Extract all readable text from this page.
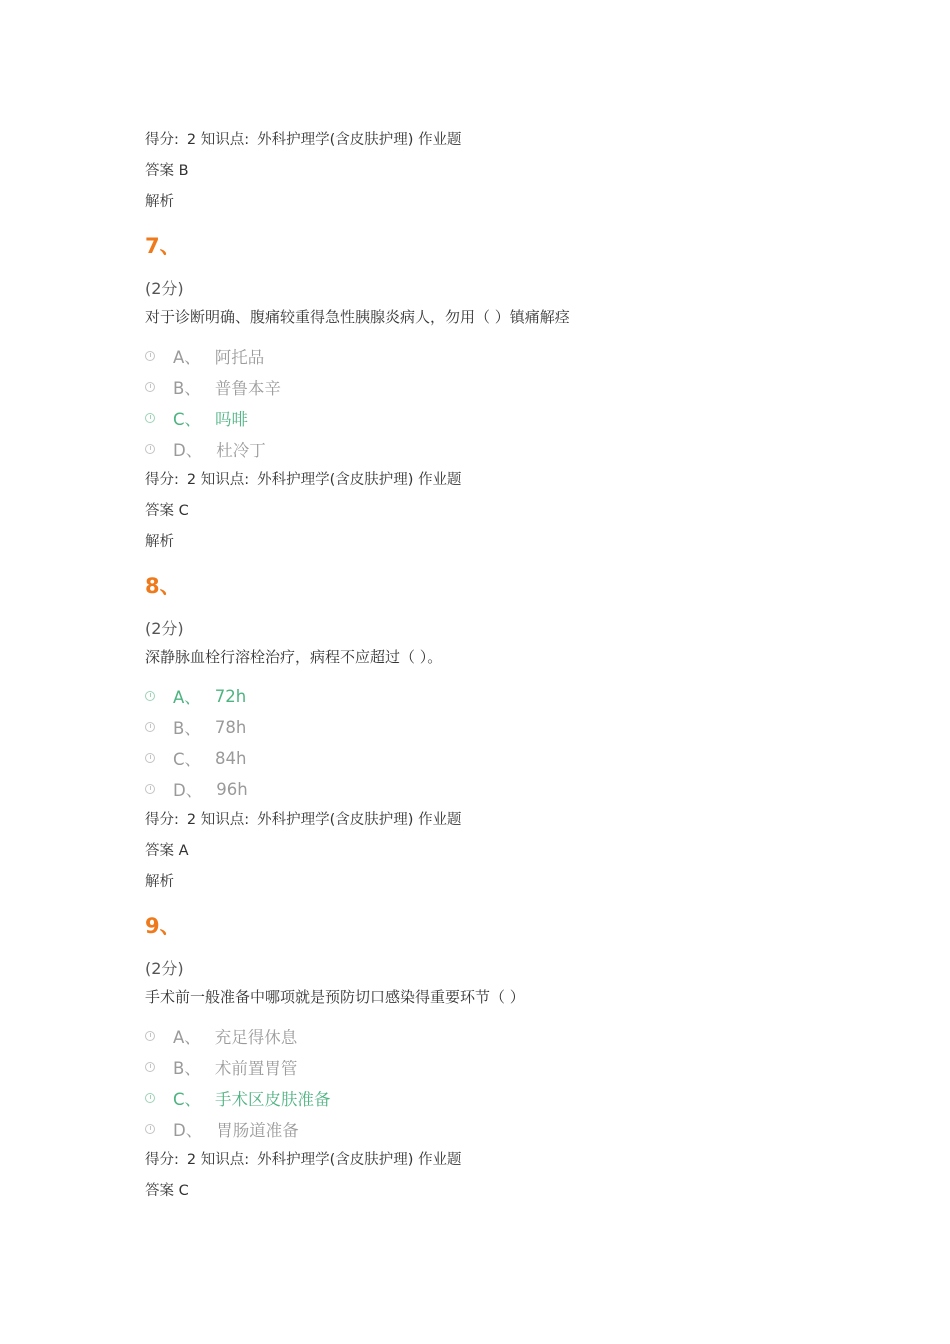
得分: 2 知识点: 外科护理学(含皮肤护理) 作业题
答案 B
解析
7、
(2分)
对于诊断明确、腹痛较重得急性胰腺炎病人，勿用（ ）镇痛解痉
A、 阿托品
B、 普鲁本辛
C、 吗啡
D、 杜冷丁
得分: 2 知识点: 外科护理学(含皮肤护理) 作业题
答案 C
解析
8、
(2分)
深静脉血栓行溶栓治疗，病程不应超过（ ）。
A、 72h
B、 78h
C、 84h
D、 96h
得分: 2 知识点: 外科护理学(含皮肤护理) 作业题
答案 A
解析
9、
(2分)
手术前一般准备中哪项就是预防切口感染得重要环节（ ）
A、 充足得休息
B、 术前置胃管
C、 手术区皮肤准备
D、 胃肠道准备
得分: 2 知识点: 外科护理学(含皮肤护理) 作业题
答案 C
